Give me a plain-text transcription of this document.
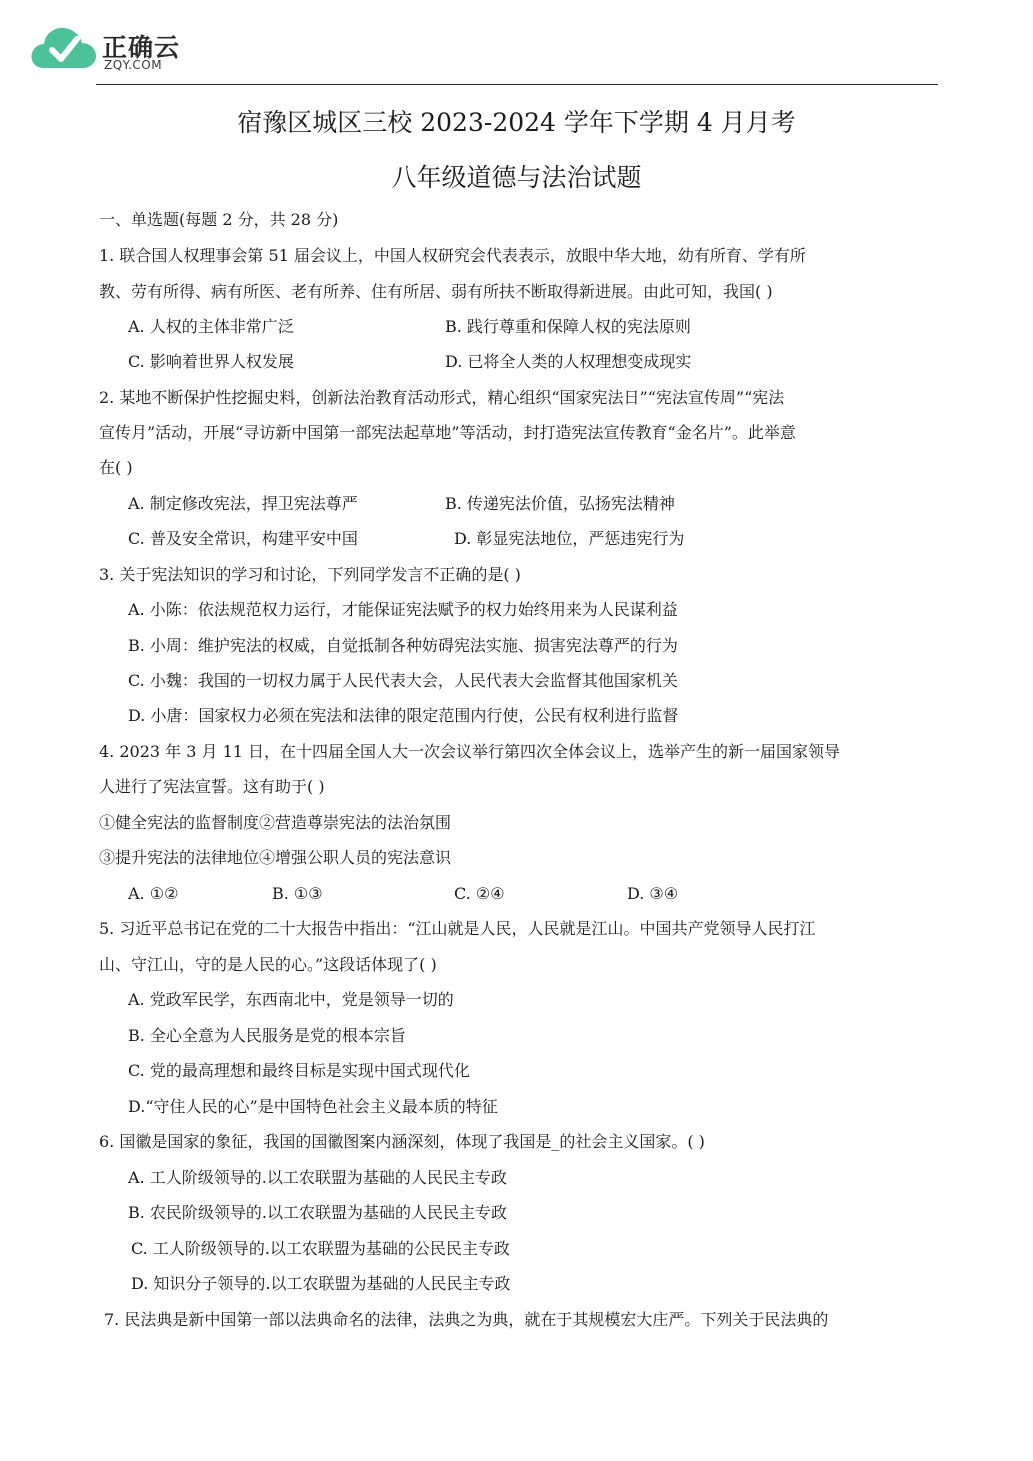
正确云
ZQY.COM
宿豫区城区三校 2023-2024 学年下学期 4 月月考
八年级道德与法治试题
一、单选题(每题 2 分，共 28 分)
1. 联合国人权理事会第 51 届会议上，中国人权研究会代表表示，放眼中华大地，幼有所育、学有所
教、劳有所得、病有所医、老有所养、住有所居、弱有所扶不断取得新进展。由此可知，我国( )
A. 人权的主体非常广泛	B. 践行尊重和保障人权的宪法原则
C. 影响着世界人权发展	D. 已将全人类的人权理想变成现实
2. 某地不断保护性挖掘史料，创新法治教育活动形式，精心组织“国家宪法日”“宪法宣传周”“宪法
宣传月”活动，开展“寻访新中国第一部宪法起草地”等活动，封打造宪法宣传教育“金名片”。此举意
在( )
A. 制定修改宪法，捍卫宪法尊严	B. 传递宪法价值，弘扬宪法精神
C. 普及安全常识，构建平安中国	D. 彰显宪法地位，严惩违宪行为
3. 关于宪法知识的学习和讨论，下列同学发言不正确的是( )
A. 小陈：依法规范权力运行，才能保证宪法赋予的权力始终用来为人民谋利益
B. 小周：维护宪法的权威，自觉抵制各种妨碍宪法实施、损害宪法尊严的行为
C. 小魏：我国的一切权力属于人民代表大会，人民代表大会监督其他国家机关
D. 小唐：国家权力必须在宪法和法律的限定范围内行使，公民有权利进行监督
4. 2023 年 3 月 11 日，在十四届全国人大一次会议举行第四次全体会议上，选举产生的新一届国家领导
人进行了宪法宣誓。这有助于( )
①健全宪法的监督制度②营造尊崇宪法的法治氛围
③提升宪法的法律地位④增强公职人员的宪法意识
A. ①②	B. ①③	C. ②④	D. ③④
5. 习近平总书记在党的二十大报告中指出：“江山就是人民，人民就是江山。中国共产党领导人民打江
山、守江山，守的是人民的心。”这段话体现了( )
A. 党政军民学，东西南北中，党是领导一切的
B. 全心全意为人民服务是党的根本宗旨
C. 党的最高理想和最终目标是实现中国式现代化
D.“守住人民的心”是中国特色社会主义最本质的特征
6. 国徽是国家的象征，我国的国徽图案内涵深刻，体现了我国是_的社会主义国家。( )
A. 工人阶级领导的.以工农联盟为基础的人民民主专政
B. 农民阶级领导的.以工农联盟为基础的人民民主专政
C. 工人阶级领导的.以工农联盟为基础的公民民主专政
D. 知识分子领导的.以工农联盟为基础的人民民主专政
7. 民法典是新中国第一部以法典命名的法律，法典之为典，就在于其规模宏大庄严。下列关于民法典的
